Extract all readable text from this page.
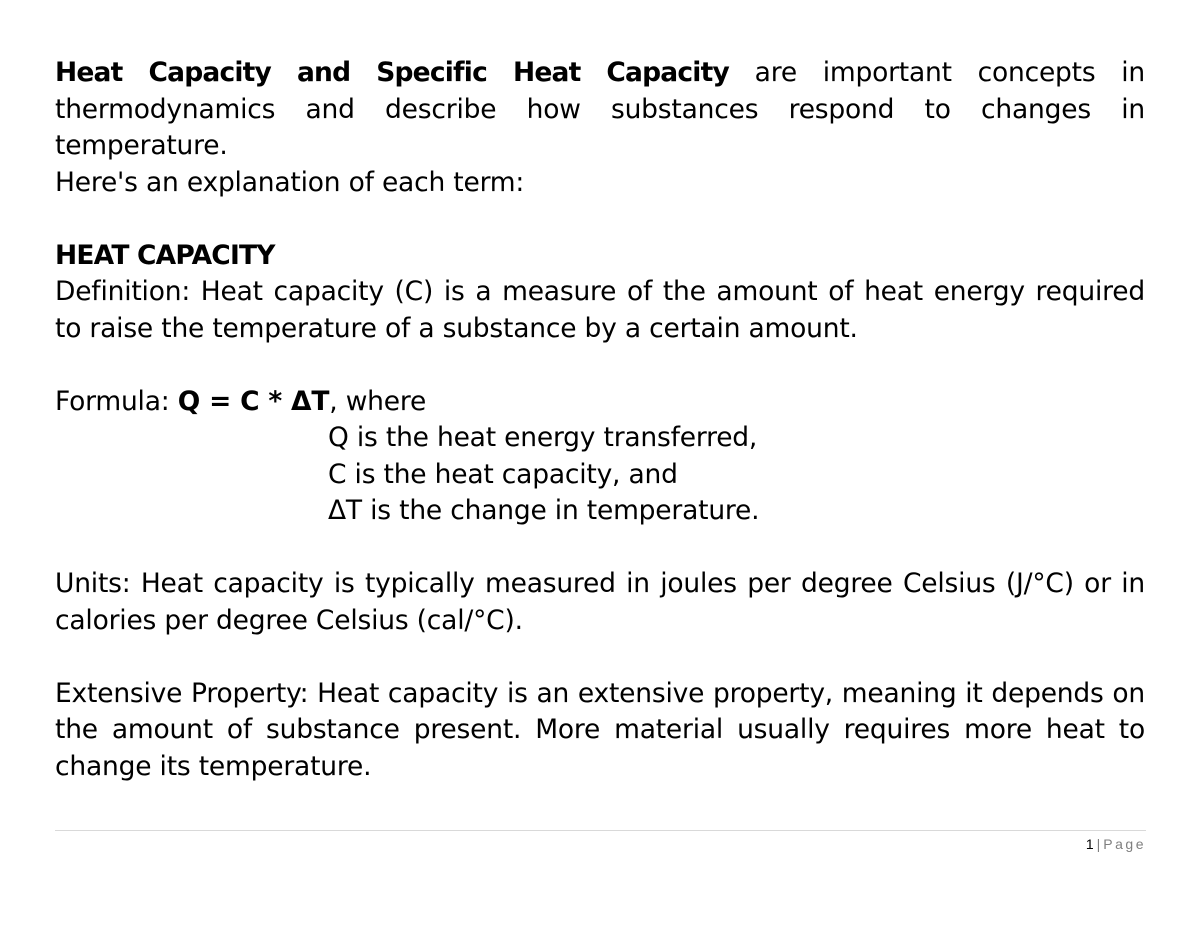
Heat Capacity and Specific Heat Capacity are important concepts in thermodynamics and describe how substances respond to changes in temperature.

Here's an explanation of each term:

HEAT CAPACITY

Definition: Heat capacity (C) is a measure of the amount of heat energy required to raise the temperature of a substance by a certain amount.

Formula: Q = C * ΔT, where

Q is the heat energy transferred,

C is the heat capacity, and

ΔT is the change in temperature.

Units: Heat capacity is typically measured in joules per degree Celsius (J/°C) or in calories per degree Celsius (cal/°C).

Extensive Property: Heat capacity is an extensive property, meaning it depends on the amount of substance present. More material usually requires more heat to change its temperature.

1 | Page
